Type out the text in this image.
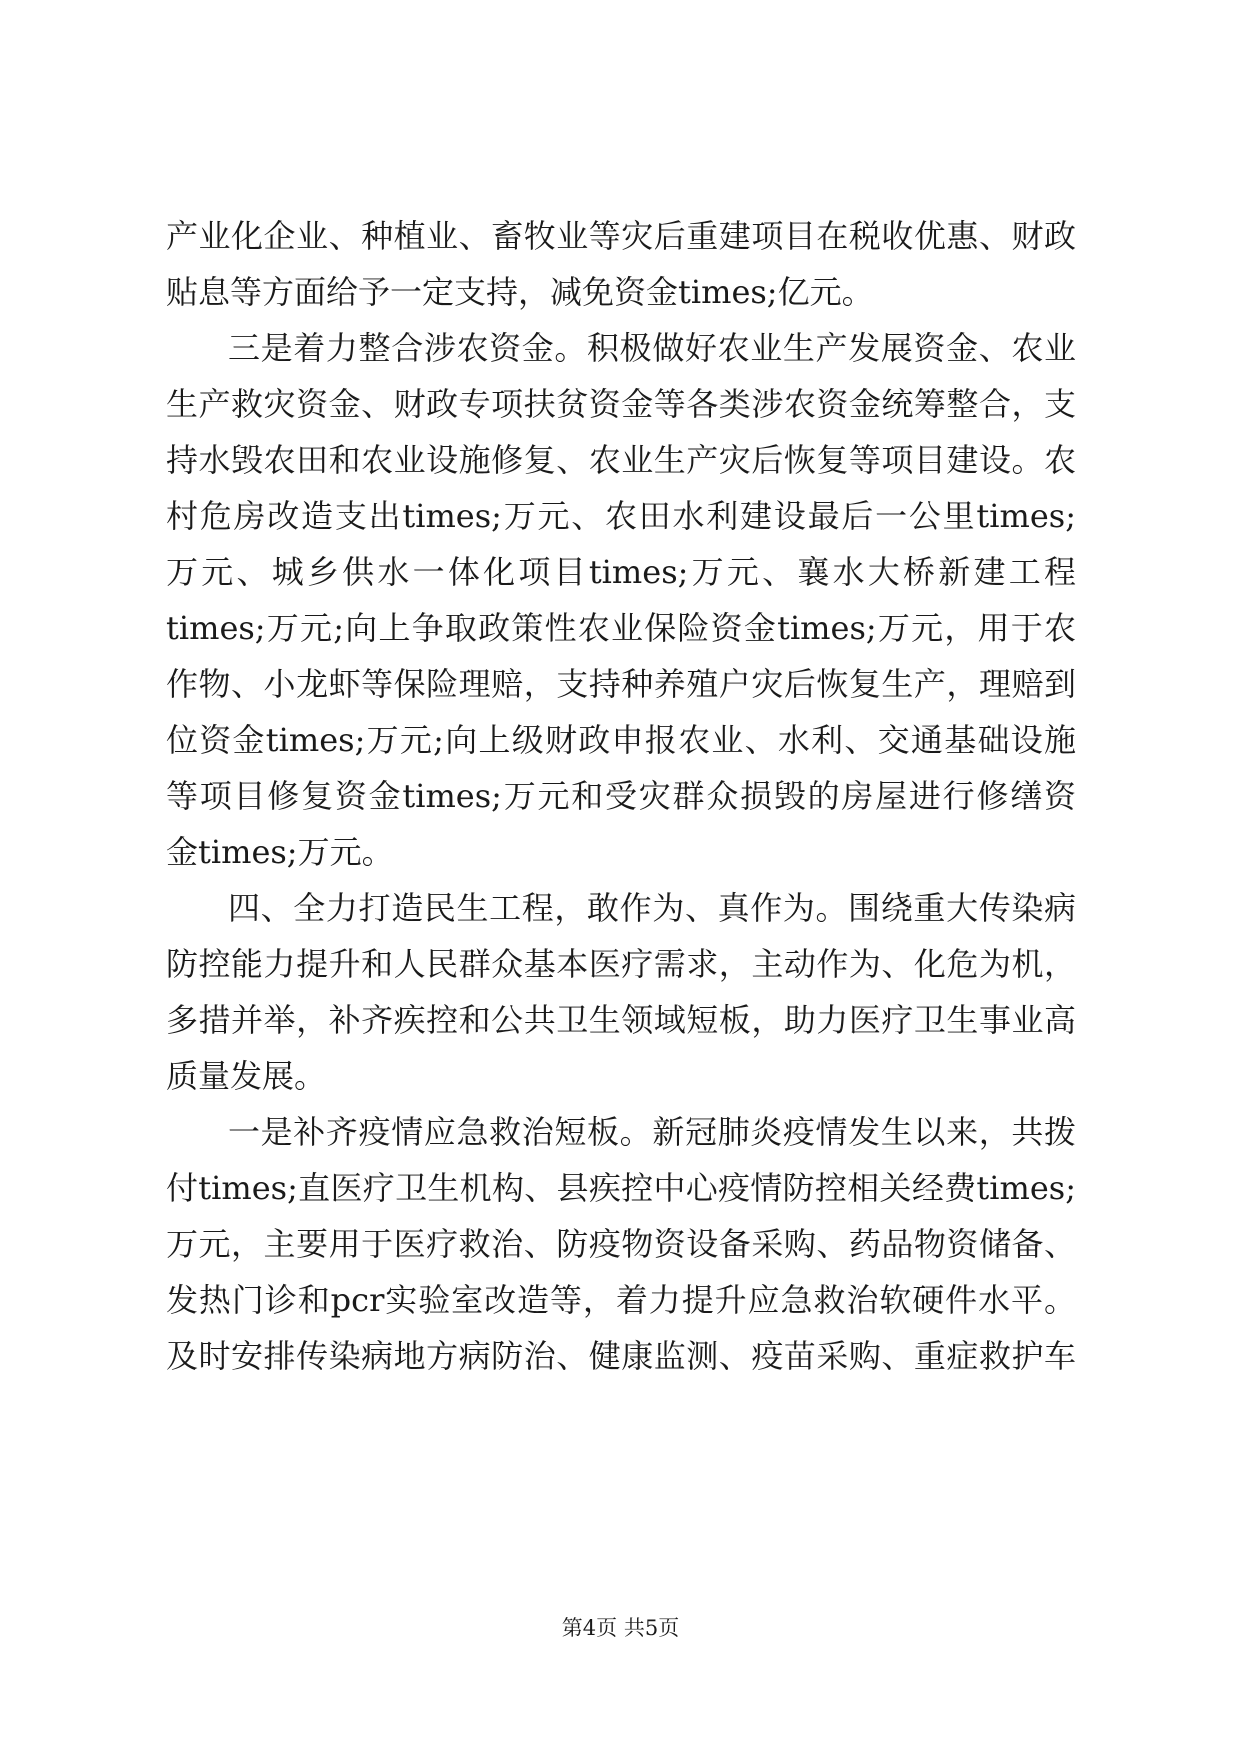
产业化企业、种植业、畜牧业等灾后重建项目在税收优惠、财政
贴息等方面给予一定支持，减免资金times;亿元。
三是着力整合涉农资金。积极做好农业生产发展资金、农业
生产救灾资金、财政专项扶贫资金等各类涉农资金统筹整合，支
持水毁农田和农业设施修复、农业生产灾后恢复等项目建设。农
村危房改造支出times;万元、农田水利建设最后一公里times;
万元、城乡供水一体化项目times;万元、襄水大桥新建工程
times;万元;向上争取政策性农业保险资金times;万元，用于农
作物、小龙虾等保险理赔，支持种养殖户灾后恢复生产，理赔到
位资金times;万元;向上级财政申报农业、水利、交通基础设施
等项目修复资金times;万元和受灾群众损毁的房屋进行修缮资
金times;万元。
四、全力打造民生工程，敢作为、真作为。围绕重大传染病
防控能力提升和人民群众基本医疗需求，主动作为、化危为机，
多措并举，补齐疾控和公共卫生领域短板，助力医疗卫生事业高
质量发展。
一是补齐疫情应急救治短板。新冠肺炎疫情发生以来，共拨
付times;直医疗卫生机构、县疾控中心疫情防控相关经费times;
万元，主要用于医疗救治、防疫物资设备采购、药品物资储备、
发热门诊和pcr实验室改造等，着力提升应急救治软硬件水平。
及时安排传染病地方病防治、健康监测、疫苗采购、重症救护车
第4页 共5页
